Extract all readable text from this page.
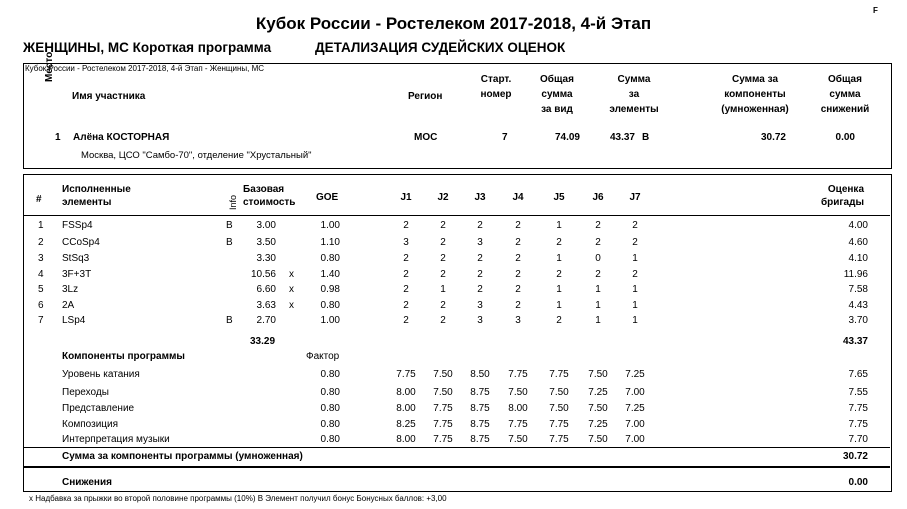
Кубок России - Ростелеком 2017-2018, 4-й Этап
F
ЖЕНЩИНЫ, МС Короткая программа	ДЕТАЛИЗАЦИЯ СУДЕЙСКИХ ОЦЕНОК
Кубок России - Ростелеком 2017-2018, 4-й Этап - Женщины, МС
Место
Имя участника	Регион
Старт.
номер
Общая
сумма
за вид
Сумма
за
элементы
Сумма за
компоненты
(умноженная)
Общая
сумма
снижений
1 Алёна КОСТОРНАЯ	МОС	7	74.09	43.37 B	30.72	0.00
Москва, ЦСО "Самбо-70", отделение "Хрустальный"
#
Исполненные
элементы	Info
Базовая
стоимость GOE	J1	J2	J3	J4	J5	J6	J7
Оценка
бригады
1 FSSp4	B	3.00	1.00	2	2	2	2	1	2	2	4.00
2 CCoSp4	B	3.50	1.10	3	2	3	2	2	2	2	4.60
3 StSq3	3.30	0.80	2	2	2	2	1	0	1	4.10
4 3F+3T	10.56 x	1.40	2	2	2	2	2	2	2	11.96
5 3Lz	6.60 x	0.98	2	1	2	2	1	1	1	7.58
6 2A	3.63 x	0.80	2	2	3	2	1	1	1	4.43
7 LSp4	B	2.70	1.00	2	2	3	3	2	1	1	3.70
33.29	43.37
Компоненты программы	Фактор
Уровень катания	0.80	7.75	7.50	8.50	7.75	7.75	7.50	7.25	7.65
Переходы	0.80	8.00	7.50	8.75	7.50	7.50	7.25	7.00	7.55
Представление	0.80	8.00	7.75	8.75	8.00	7.50	7.50	7.25	7.75
Композиция	0.80	8.25	7.75	8.75	7.75	7.75	7.25	7.00	7.75
Интерпретация музыки	0.80	8.00	7.75	8.75	7.50	7.75	7.50	7.00	7.70
Сумма за компоненты программы (умноженная)	30.72
Снижения	0.00
x Надбавка за прыжки во второй половине программы (10%) B Элемент получил бонус Бонусных баллов: +3,00
